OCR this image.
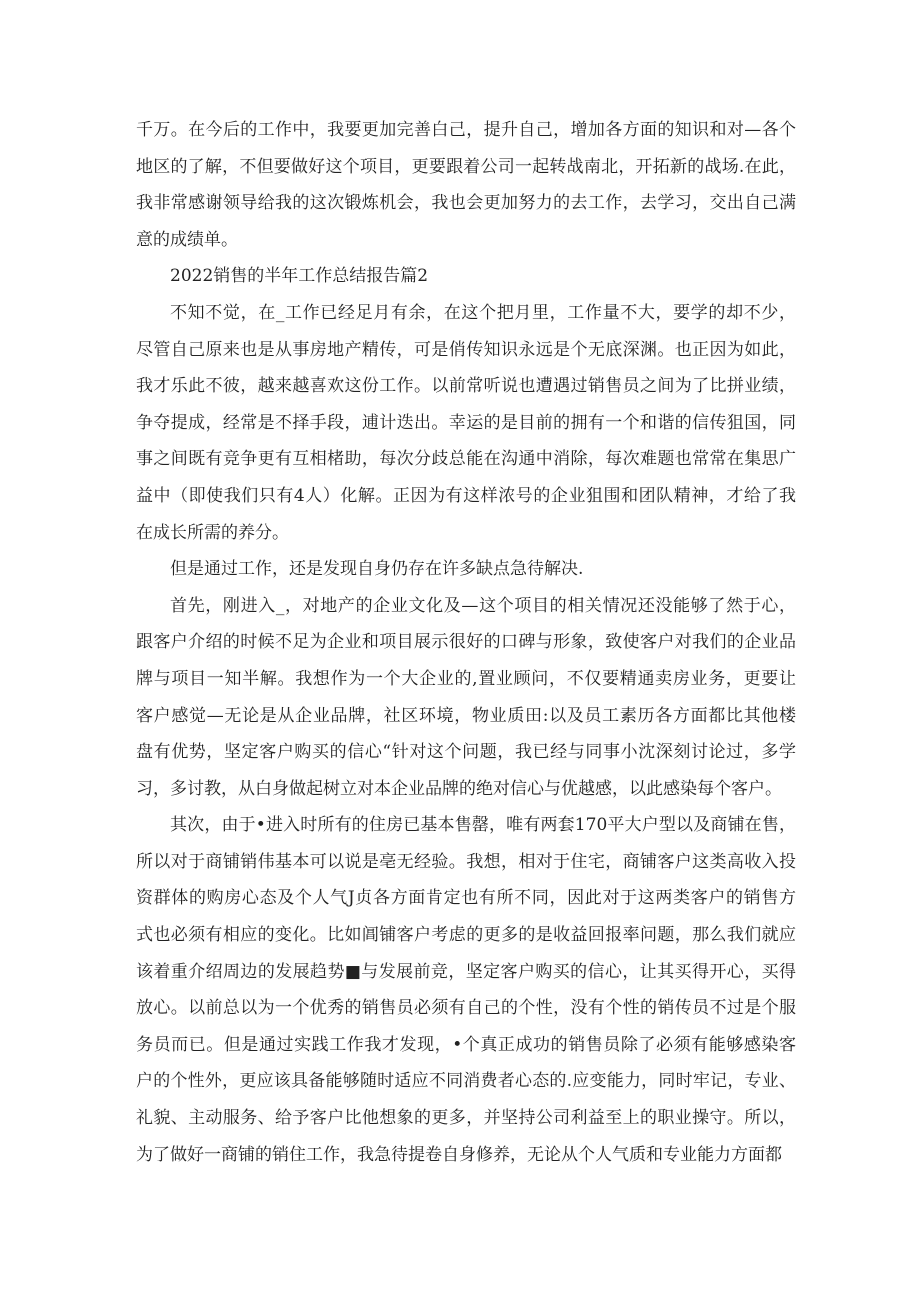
千万。在今后的工作中，我要更加完善白己，提升自己，增加各方面的知识和对—各个
地区的了解，不但要做好这个项目，更要跟着公司一起转战南北，开拓新的战场.在此，
我非常感谢领导给我的这次锻炼机会，我也会更加努力的去工作，去学习，交出自己满
意的成绩单。
2022销售的半年工作总结报告篇2
不知不觉，在_工作已经足月有余，在这个把月里，工作量不大，要学的却不少，
尽管自己原来也是从事房地产精传，可是俏传知识永远是个无底深渊。也正因为如此，
我才乐此不彼，越来越喜欢这份工作。以前常听说也遭遇过销售员之间为了比拼业绩，
争夺提成，经常是不择手段，逋计迭出。幸运的是目前的拥有一个和谐的信传狙国，同
事之间既有竞争更有互相楮助，每次分歧总能在沟通中消除，每次难题也常常在集思广
益中（即使我们只有4人）化解。正因为有这样浓号的企业狙围和团队精神，才给了我
在成长所需的养分。
但是通过工作，还是发现自身仍存在许多缺点急待解决.
首先，刚进入_，对地产的企业文化及—这个项目的相关情况还没能够了然于心，
跟客户介绍的时候不足为企业和项目展示很好的口碑与形象，致使客户对我们的企业品
牌与项目一知半解。我想作为一个大企业的,置业顾问，不仅要精通卖房业务，更要让
客户感觉—无论是从企业品牌，社区环境，物业质田:以及员工素历各方面都比其他楼
盘有优势，坚定客户购买的信心“针对这个问题，我已经与同事小沈深刻讨论过，多学
习，多讨教，从白身做起树立对本企业品牌的绝对信心与优越感，以此感染每个客户。
其次，由于•进入时所有的住房已基本售罄，唯有两套170平大户型以及商铺在售，
所以对于商铺销伟基本可以说是亳无经验。我想，相对于住宅，商铺客户这类高收入投
资群体的购房心态及个人气J贞各方面肯定也有所不同，因此对于这两类客户的销售方
式也必须有相应的变化。比如阊铺客户考虑的更多的是收益回报率问题，那么我们就应
该着重介绍周边的发展趋势■与发展前竞，坚定客户购买的信心，让其买得开心，买得
放心。以前总以为一个优秀的销售员必须有自己的个性，没有个性的销传员不过是个服
务员而已。但是通过实践工作我才发现，•个真正成功的销售员除了必须有能够感染客
户的个性外，更应该具备能够随时适应不同消费者心态的.应变能力，同时牢记，专业、
礼貌、主动服务、给予客户比他想象的更多，并坚持公司利益至上的职业操守。所以，
为了做好一商铺的销住工作，我急待提卷自身修养，无论从个人气质和专业能力方面都
